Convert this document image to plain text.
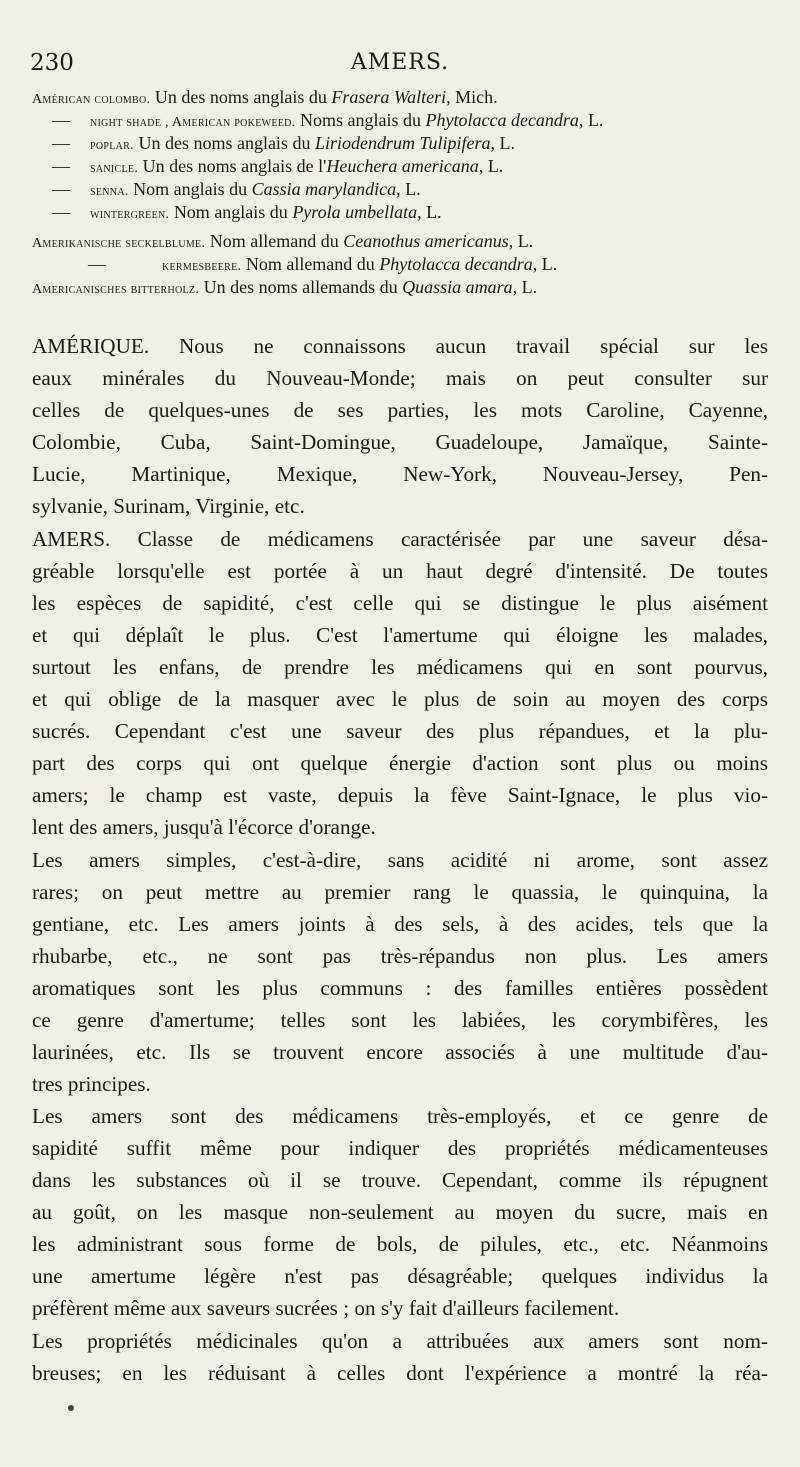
230	AMERS.
Américan colombo. Un des noms anglais du Frasera Walteri, Mich.
— night shade , American pokeweed. Noms anglais du Phytolacca decandra, L.
— poplar. Un des noms anglais du Liriodendrum Tulipifera, L.
— sanicle. Un des noms anglais de l'Heuchera americana, L.
— senna. Nom anglais du Cassia marylandica, L.
— wintergreen. Nom anglais du Pyrola umbellata, L.
Amerikanische seckelblume. Nom allemand du Ceanothus americanus, L.
—	kermesbeere. Nom allemand du Phytolacca decandra, L.
Americanisches bitterholz. Un des noms allemands du Quassia amara, L.
AMÉRIQUE. Nous ne connaissons aucun travail spécial sur les
eaux minérales du Nouveau-Monde; mais on peut consulter sur
celles de quelques-unes de ses parties, les mots Caroline, Cayenne,
Colombie, Cuba, Saint-Domingue, Guadeloupe, Jamaïque, Sainte-
Lucie, Martinique, Mexique, New-York, Nouveau-Jersey, Pen-
sylvanie, Surinam, Virginie, etc.
AMERS. Classe de médicamens caractérisée par une saveur désa-
gréable lorsqu'elle est portée à un haut degré d'intensité. De toutes
les espèces de sapidité, c'est celle qui se distingue le plus aisément
et qui déplaît le plus. C'est l'amertume qui éloigne les malades,
surtout les enfans, de prendre les médicamens qui en sont pourvus,
et qui oblige de la masquer avec le plus de soin au moyen des corps
sucrés. Cependant c'est une saveur des plus répandues, et la plu-
part des corps qui ont quelque énergie d'action sont plus ou moins
amers; le champ est vaste, depuis la fève Saint-Ignace, le plus vio-
lent des amers, jusqu'à l'écorce d'orange.
Les amers simples, c'est-à-dire, sans acidité ni arome, sont assez
rares; on peut mettre au premier rang le quassia, le quinquina, la
gentiane, etc. Les amers joints à des sels, à des acides, tels que la
rhubarbe, etc., ne sont pas très-répandus non plus. Les amers
aromatiques sont les plus communs : des familles entières possèdent
ce genre d'amertume; telles sont les labiées, les corymbifères, les
laurinées, etc. Ils se trouvent encore associés à une multitude d'au-
tres principes.
Les amers sont des médicamens très-employés, et ce genre de
sapidité suffit même pour indiquer des propriétés médicamenteuses
dans les substances où il se trouve. Cependant, comme ils répugnent
au goût, on les masque non-seulement au moyen du sucre, mais en
les administrant sous forme de bols, de pilules, etc., etc. Néanmoins
une amertume légère n'est pas désagréable; quelques individus la
préfèrent même aux saveurs sucrées ; on s'y fait d'ailleurs facilement.
Les propriétés médicinales qu'on a attribuées aux amers sont nom-
breuses; en les réduisant à celles dont l'expérience a montré la réa-
